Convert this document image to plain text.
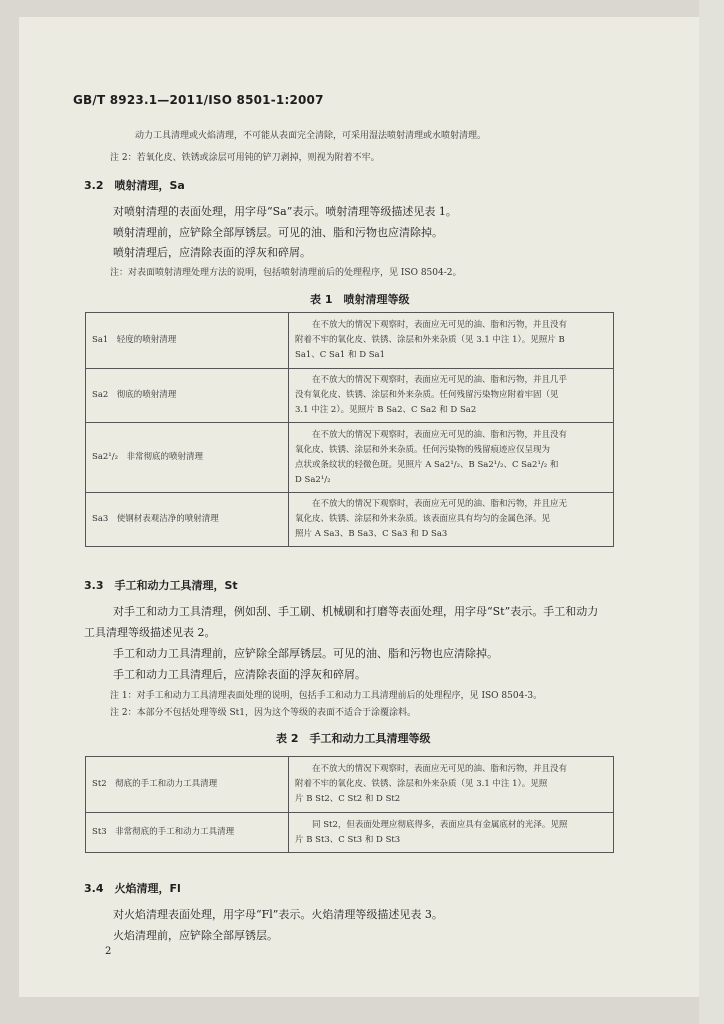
GB/T 8923.1—2011/ISO 8501-1:2007
动力工具清理或火焰清理，不可能从表面完全清除，可采用湿法喷射清理或水喷射清理。
注 2：若氧化皮、铁锈或涂层可用钝的铲刀剥掉，则视为附着不牢。
3.2　喷射清理，Sa
对喷射清理的表面处理，用字母“Sa”表示。喷射清理等级描述见表 1。
喷射清理前，应铲除全部厚锈层。可见的油、脂和污物也应清除掉。
喷射清理后，应清除表面的浮灰和碎屑。
注：对表面喷射清理处理方法的说明，包括喷射清理前后的处理程序，见 ISO 8504-2。
表 1　喷射清理等级
Sa1　轻度的喷射清理	在不放大的情况下观察时，表面应无可见的油、脂和污物，并且没有
附着不牢的氧化皮、铁锈、涂层和外来杂质（见 3.1 中注 1）。见照片 B
Sa1、C Sa1 和 D Sa1

Sa2　彻底的喷射清理	在不放大的情况下观察时，表面应无可见的油、脂和污物，并且几乎
没有氧化皮、铁锈、涂层和外来杂质。任何残留污染物应附着牢固（见
3.1 中注 2）。见照片 B Sa2、C Sa2 和 D Sa2

Sa2¹/₂　非常彻底的喷射清理	在不放大的情况下观察时，表面应无可见的油、脂和污物，并且没有
氧化皮、铁锈、涂层和外来杂质。任何污染物的残留痕迹应仅呈现为
点状或条纹状的轻微色斑。见照片 A Sa2¹/₂、B Sa2¹/₂、C Sa2¹/₂ 和
D Sa2¹/₂

Sa3　使钢材表观洁净的喷射清理	在不放大的情况下观察时，表面应无可见的油、脂和污物，并且应无
氧化皮、铁锈、涂层和外来杂质。该表面应具有均匀的金属色泽。见
照片 A Sa3、B Sa3、C Sa3 和 D Sa3
3.3　手工和动力工具清理，St
对手工和动力工具清理，例如刮、手工刷、机械刷和打磨等表面处理，用字母“St”表示。手工和动力
工具清理等级描述见表 2。
手工和动力工具清理前，应铲除全部厚锈层。可见的油、脂和污物也应清除掉。
手工和动力工具清理后，应清除表面的浮灰和碎屑。
注 1：对手工和动力工具清理表面处理的说明，包括手工和动力工具清理前后的处理程序，见 ISO 8504-3。
注 2：本部分不包括处理等级 St1，因为这个等级的表面不适合于涂覆涂料。
表 2　手工和动力工具清理等级
St2　彻底的手工和动力工具清理	在不放大的情况下观察时，表面应无可见的油、脂和污物，并且没有
附着不牢的氧化皮、铁锈、涂层和外来杂质（见 3.1 中注 1）。见照
片 B St2、C St2 和 D St2

St3　非常彻底的手工和动力工具清理	同 St2，但表面处理应彻底得多，表面应具有金属底材的光泽。见照
片 B St3、C St3 和 D St3
3.4　火焰清理，Fl
对火焰清理表面处理，用字母“Fl”表示。火焰清理等级描述见表 3。
火焰清理前，应铲除全部厚锈层。
2
